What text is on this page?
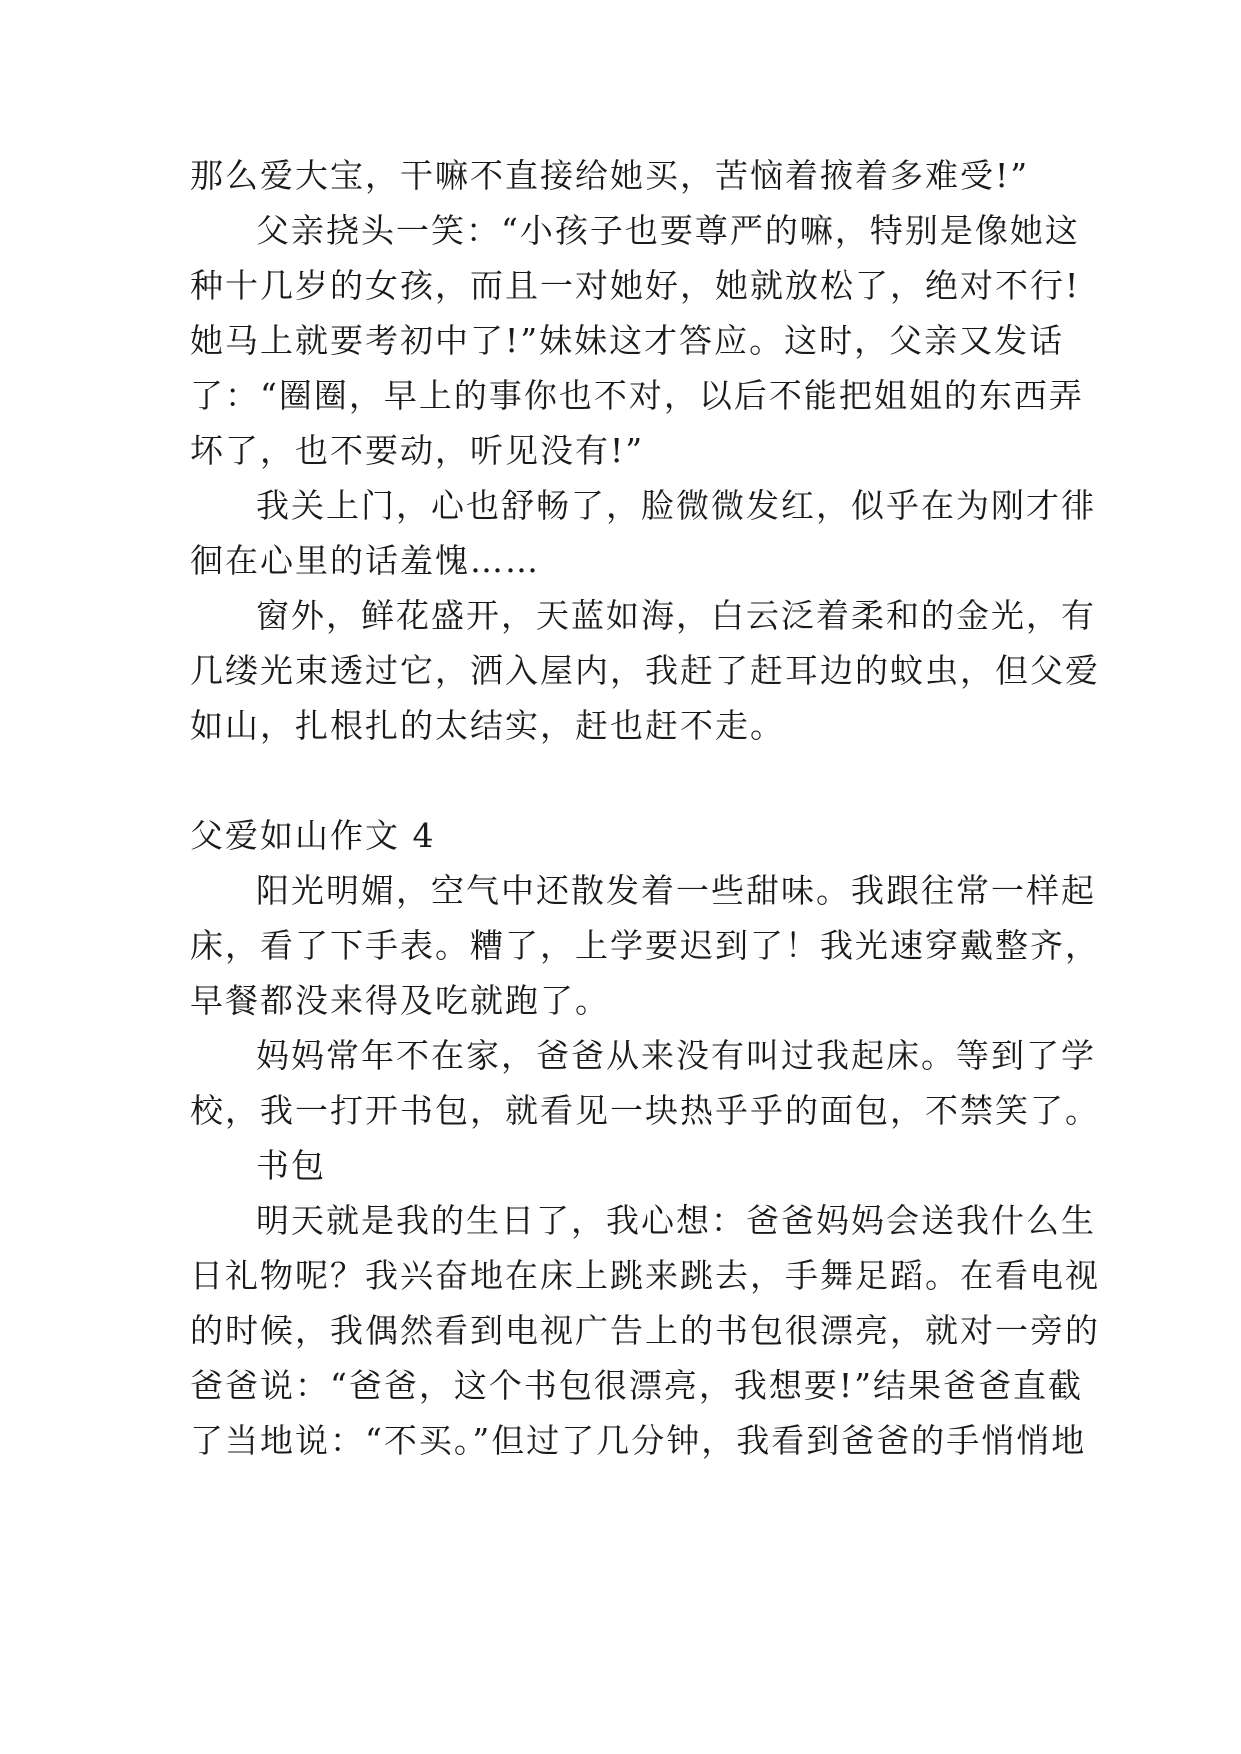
那么爱大宝，干嘛不直接给她买，苦恼着掖着多难受!”
父亲挠头一笑：“小孩子也要尊严的嘛，特别是像她这
种十几岁的女孩，而且一对她好，她就放松了，绝对不行!
她马上就要考初中了!”妹妹这才答应。这时，父亲又发话
了：“圈圈，早上的事你也不对，以后不能把姐姐的东西弄
坏了，也不要动，听见没有!”
我关上门，心也舒畅了，脸微微发红，似乎在为刚才徘
徊在心里的话羞愧……
窗外，鲜花盛开，天蓝如海，白云泛着柔和的金光，有
几缕光束透过它，洒入屋内，我赶了赶耳边的蚊虫，但父爱
如山，扎根扎的太结实，赶也赶不走。
父爱如山作文 4
阳光明媚，空气中还散发着一些甜味。我跟往常一样起
床，看了下手表。糟了，上学要迟到了！我光速穿戴整齐，
早餐都没来得及吃就跑了。
妈妈常年不在家，爸爸从来没有叫过我起床。等到了学
校，我一打开书包，就看见一块热乎乎的面包，不禁笑了。
书包
明天就是我的生日了，我心想：爸爸妈妈会送我什么生
日礼物呢？我兴奋地在床上跳来跳去，手舞足蹈。在看电视
的时候，我偶然看到电视广告上的书包很漂亮，就对一旁的
爸爸说：“爸爸，这个书包很漂亮，我想要!”结果爸爸直截
了当地说：“不买。”但过了几分钟，我看到爸爸的手悄悄地
